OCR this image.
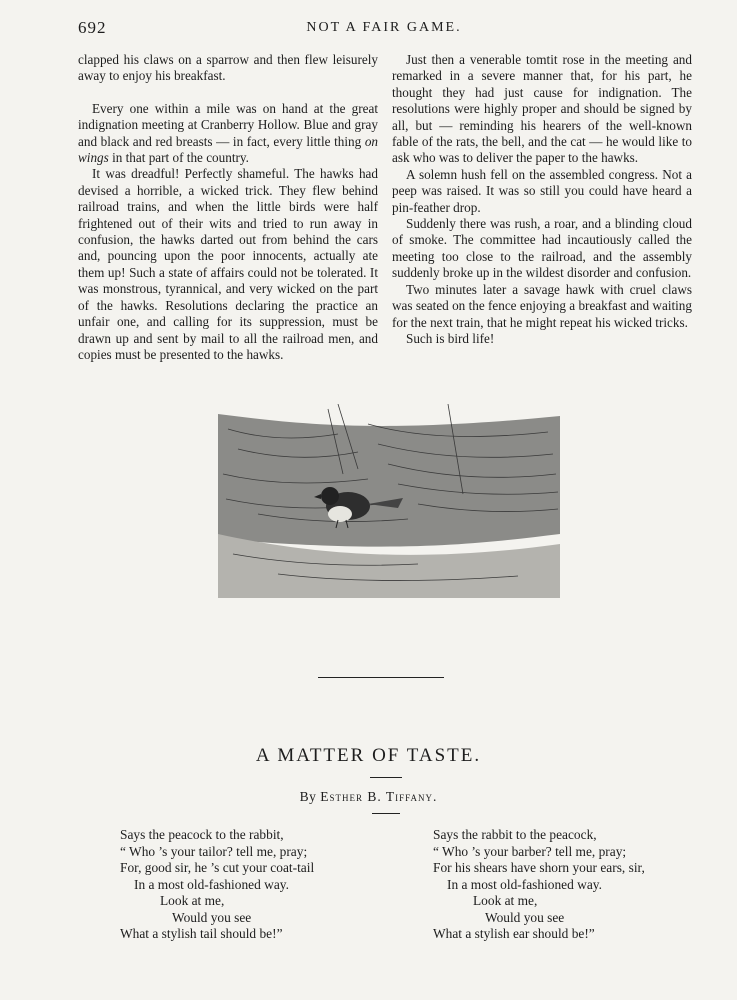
692	NOT A FAIR GAME.

clapped his claws on a sparrow and then flew leisurely away to enjoy his breakfast.

Every one within a mile was on hand at the great indignation meeting at Cranberry Hollow. Blue and gray and black and red breasts — in fact, every little thing on wings in that part of the country.

It was dreadful! Perfectly shameful. The hawks had devised a horrible, a wicked trick. They flew behind railroad trains, and when the little birds were half frightened out of their wits and tried to run away in confusion, the hawks darted out from behind the cars and, pouncing upon the poor innocents, actually ate them up! Such a state of affairs could not be tolerated. It was monstrous, tyrannical, and very wicked on the part of the hawks. Resolutions declaring the practice an unfair one, and calling for its suppression, must be drawn up and sent by mail to all the railroad men, and copies must be presented to the hawks.

Just then a venerable tomtit rose in the meeting and remarked in a severe manner that, for his part, he thought they had just cause for indignation. The resolutions were highly proper and should be signed by all, but — reminding his hearers of the well-known fable of the rats, the bell, and the cat — he would like to ask who was to deliver the paper to the hawks.

A solemn hush fell on the assembled congress. Not a peep was raised. It was so still you could have heard a pin-feather drop.

Suddenly there was rush, a roar, and a blinding cloud of smoke. The committee had incautiously called the meeting too close to the railroad, and the assembly suddenly broke up in the wildest disorder and confusion.

Two minutes later a savage hawk with cruel claws was seated on the fence enjoying a breakfast and waiting for the next train, that he might repeat his wicked tricks.

Such is bird life!

A MATTER OF TASTE.
By Esther B. Tiffany.
Says the peacock to the rabbit,
“ Who ’s your tailor? tell me, pray;
For, good sir, he ’s cut your coat-tail
In a most old-fashioned way.
Look at me,
Would you see
What a stylish tail should be!”
Says the rabbit to the peacock,
“ Who ’s your barber? tell me, pray;
For his shears have shorn your ears, sir,
In a most old-fashioned way.
Look at me,
Would you see
What a stylish ear should be!”
